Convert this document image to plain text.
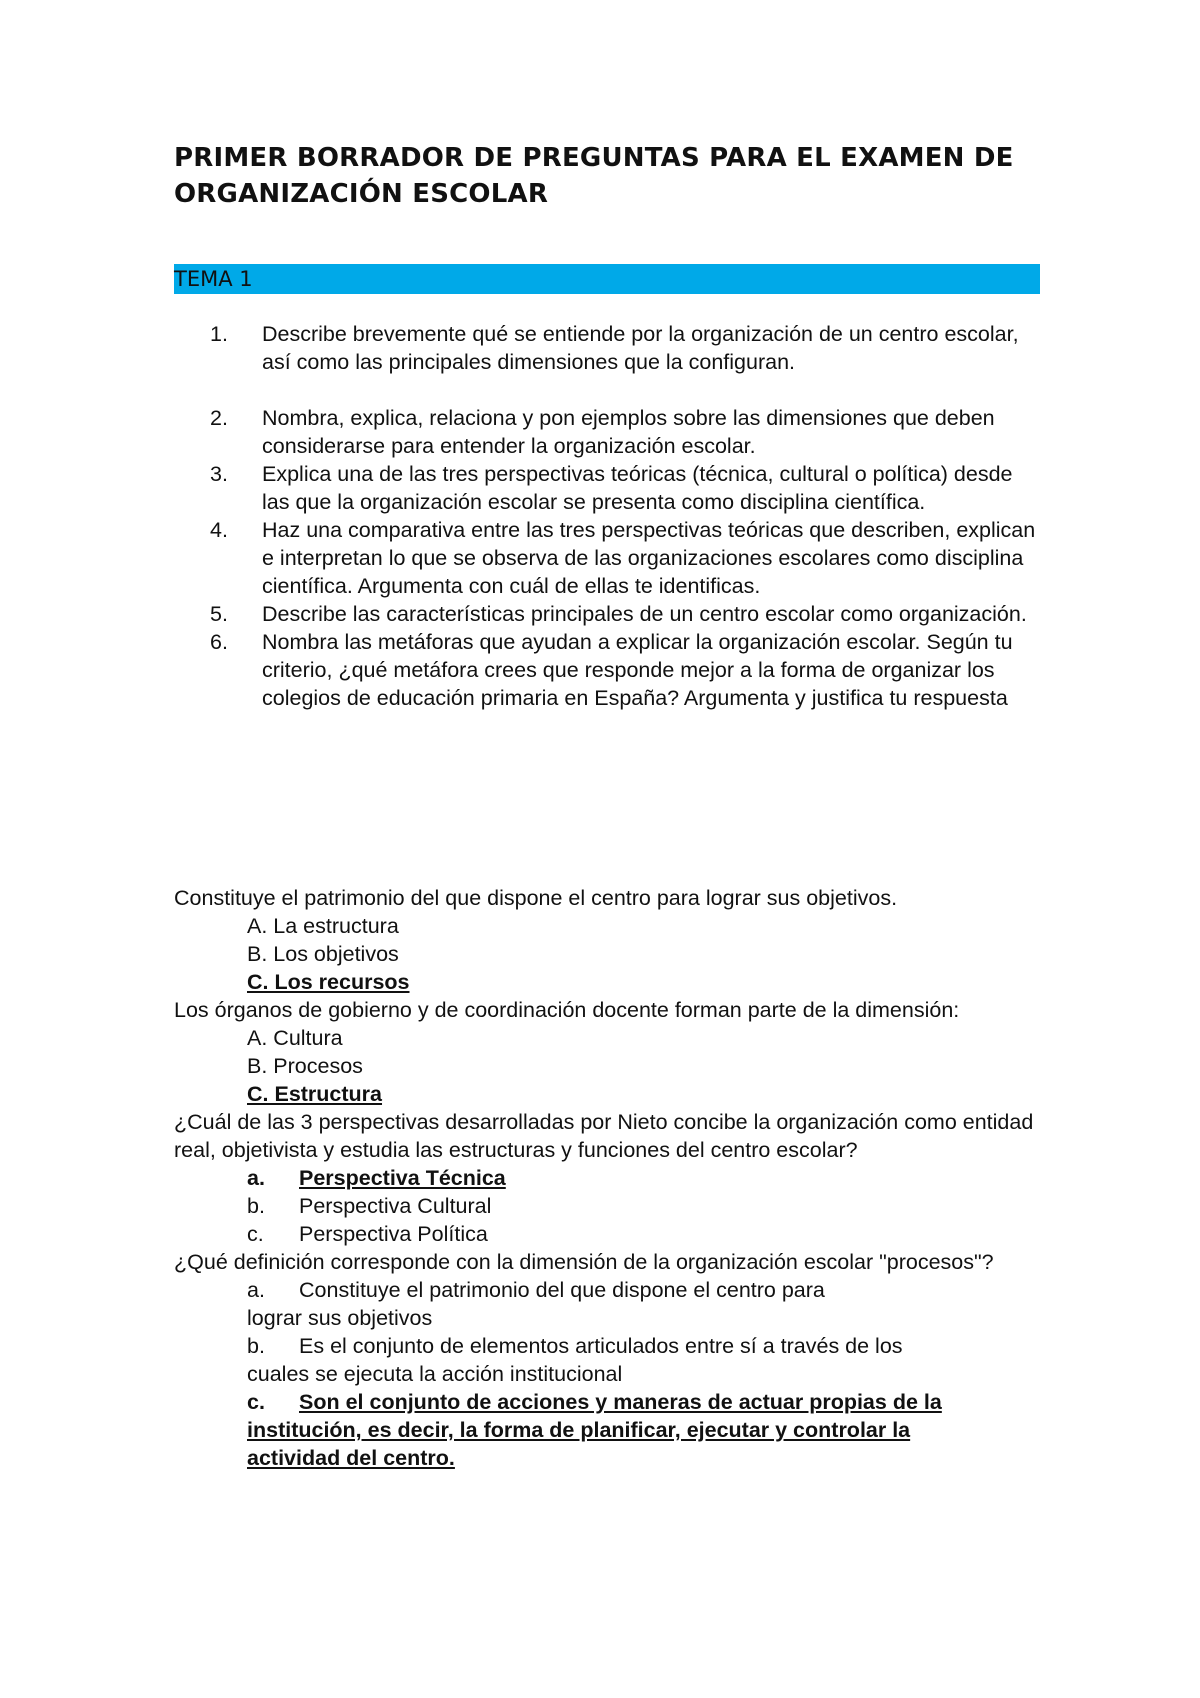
PRIMER BORRADOR DE PREGUNTAS PARA EL EXAMEN DE ORGANIZACIÓN ESCOLAR
TEMA 1
1. Describe brevemente qué se entiende por la organización de un centro escolar, así como las principales dimensiones que la configuran.
2. Nombra, explica, relaciona y pon ejemplos sobre las dimensiones que deben considerarse para entender la organización escolar.
3. Explica una de las tres perspectivas teóricas (técnica, cultural o política) desde las que la organización escolar se presenta como disciplina científica.
4. Haz una comparativa entre las tres perspectivas teóricas que describen, explican e interpretan lo que se observa de las organizaciones escolares como disciplina científica. Argumenta con cuál de ellas te identificas.
5. Describe las características principales de un centro escolar como organización.
6. Nombra las metáforas que ayudan a explicar la organización escolar. Según tu criterio, ¿qué metáfora crees que responde mejor a la forma de organizar los colegios de educación primaria en España? Argumenta y justifica tu respuesta
Constituye el patrimonio del que dispone el centro para lograr sus objetivos.
A. La estructura
B. Los objetivos
C. Los recursos
Los órganos de gobierno y de coordinación docente forman parte de la dimensión:
A. Cultura
B. Procesos
C. Estructura
¿Cuál de las 3 perspectivas desarrolladas por Nieto concibe la organización como entidad real, objetivista y estudia las estructuras y funciones del centro escolar?
a. Perspectiva Técnica
b. Perspectiva Cultural
c. Perspectiva Política
¿Qué definición corresponde con la dimensión de la organización escolar "procesos"?
a. Constituye el patrimonio del que dispone el centro para
lograr sus objetivos
b. Es el conjunto de elementos articulados entre sí a través de los
cuales se ejecuta la acción institucional
c. Son el conjunto de acciones y maneras de actuar propias de la
institución, es decir, la forma de planificar, ejecutar y controlar la
actividad del centro.
